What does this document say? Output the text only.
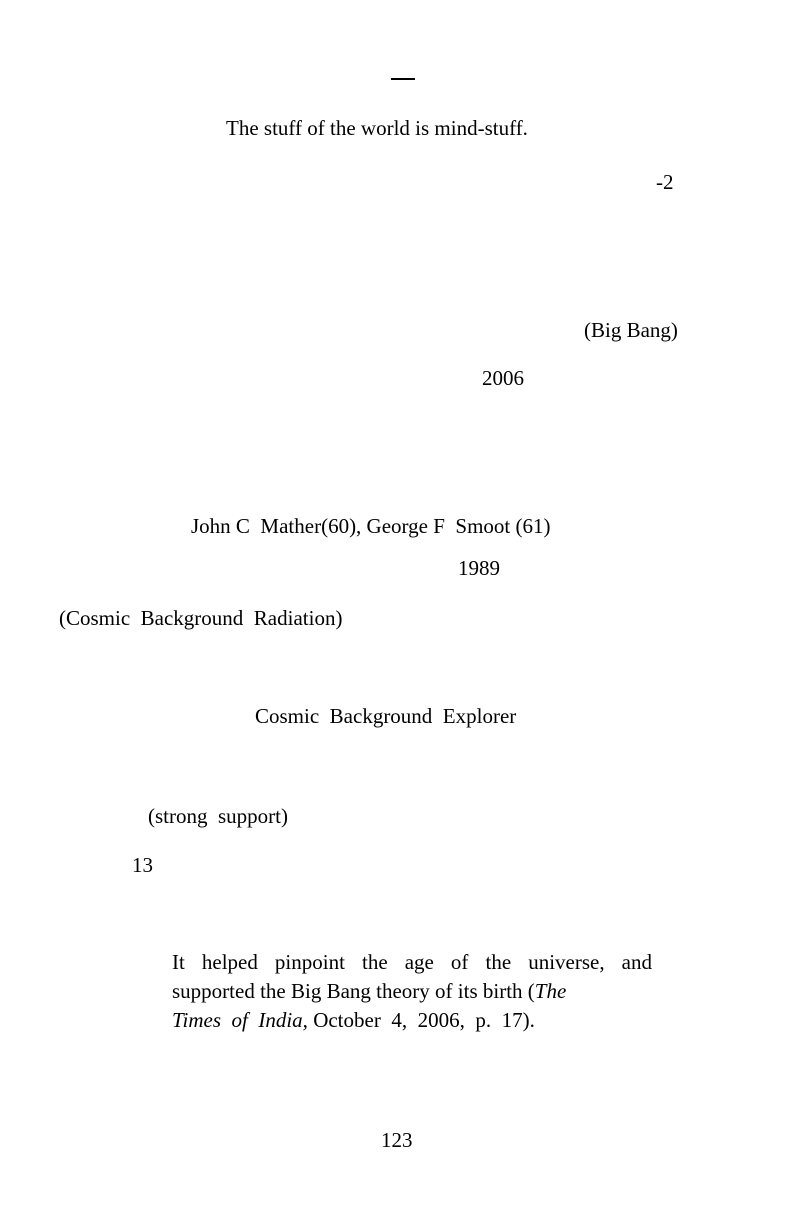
The stuff of the world is mind-stuff.
-2
(Big Bang)
2006
John C  Mather(60), George F  Smoot (61)
1989
(Cosmic  Background  Radiation)
Cosmic  Background  Explorer
(strong  support)
13
It helped pinpoint the age of the universe, and
supported the Big Bang theory of its birth (The
Times  of  India, October  4,  2006,  p.  17).
123
